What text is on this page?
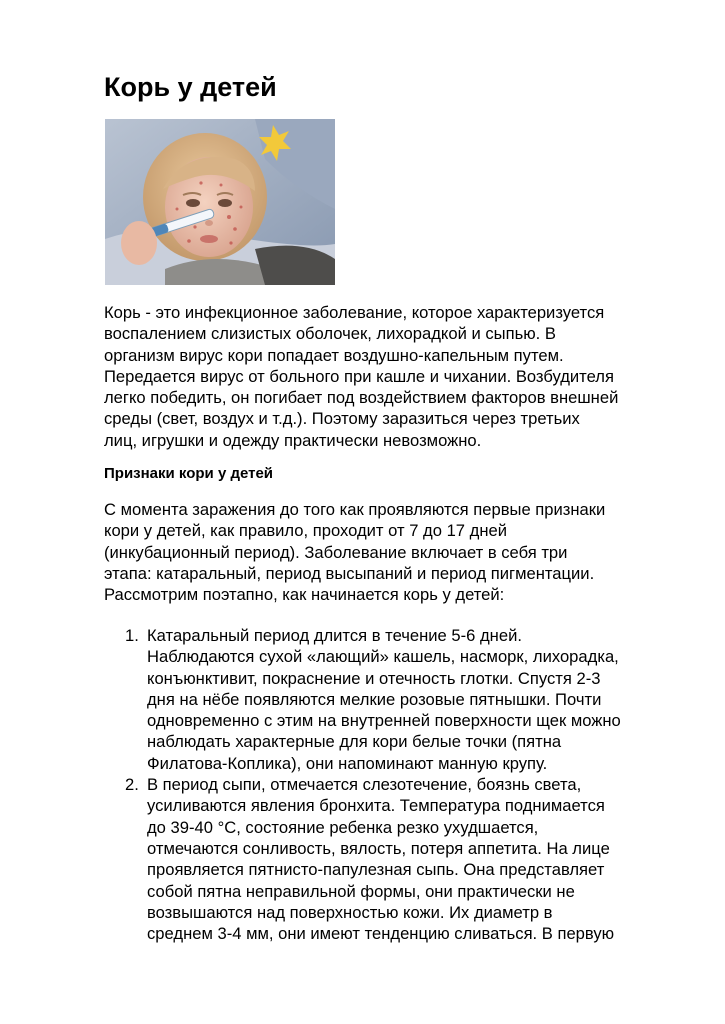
Корь у детей
Корь - это инфекционное заболевание, которое характеризуется
воспалением слизистых оболочек, лихорадкой и сыпью. В
организм вирус кори попадает воздушно-капельным путем.
Передается вирус от больного при кашле и чихании. Возбудителя
легко победить, он погибает под воздействием факторов внешней
среды (свет, воздух и т.д.). Поэтому заразиться через третьих
лиц, игрушки и одежду практически невозможно.
Признаки кори у детей
С момента заражения до того как проявляются первые признаки
кори у детей, как правило, проходит от 7 до 17 дней
(инкубационный период). Заболевание включает в себя три
этапа: катаральный, период высыпаний и период пигментации.
Рассмотрим поэтапно, как начинается корь у детей:
1. Катаральный период длится в течение 5-6 дней.
Наблюдаются сухой «лающий» кашель, насморк, лихорадка,
конъюнктивит, покраснение и отечность глотки. Спустя 2-3
дня на нёбе появляются мелкие розовые пятнышки. Почти
одновременно с этим на внутренней поверхности щек можно
наблюдать характерные для кори белые точки (пятна
Филатова-Коплика), они напоминают манную крупу.
2. В период сыпи, отмечается слезотечение, боязнь света,
усиливаются явления бронхита. Температура поднимается
до 39-40 °С, состояние ребенка резко ухудшается,
отмечаются сонливость, вялость, потеря аппетита. На лице
проявляется пятнисто-папулезная сыпь. Она представляет
собой пятна неправильной формы, они практически не
возвышаются над поверхностью кожи. Их диаметр в
среднем 3-4 мм, они имеют тенденцию сливаться. В первую
